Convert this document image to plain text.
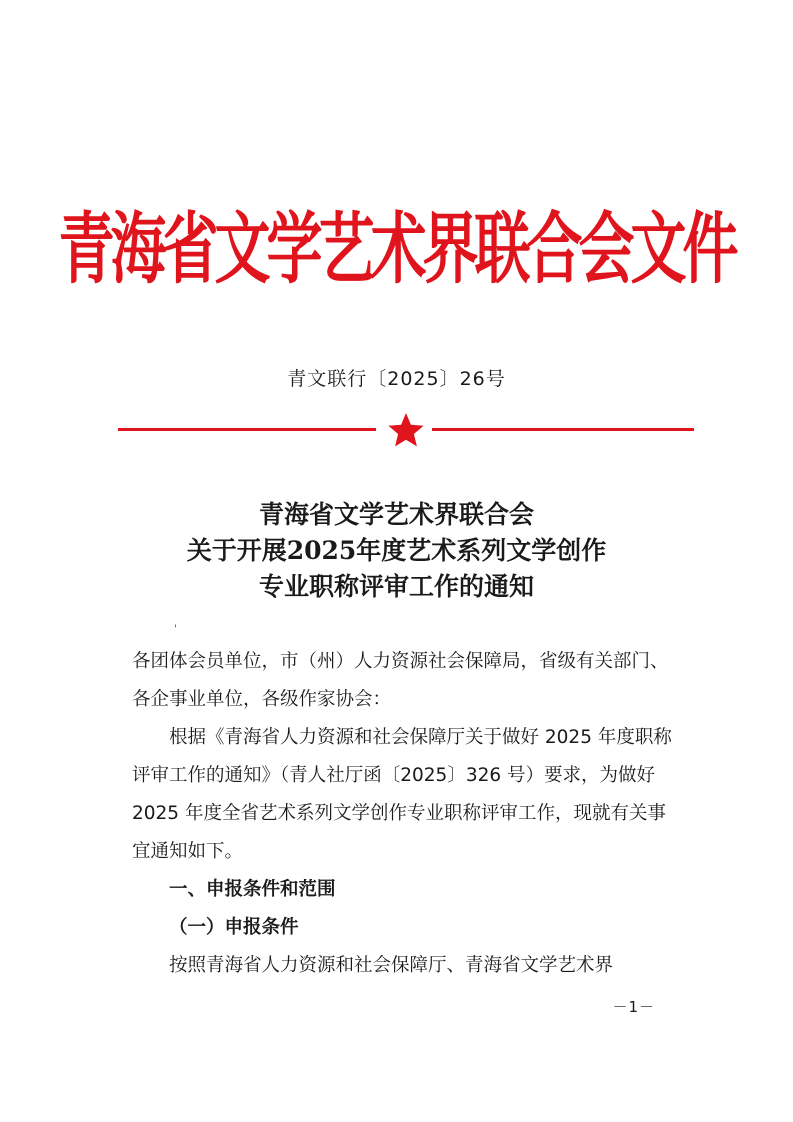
青海省文学艺术界联合会文件
青文联行〔2025〕26号
青海省文学艺术界联合会
关于开展2025年度艺术系列文学创作
专业职称评审工作的通知
'

各团体会员单位，市（州）人力资源社会保障局，省级有关部门、各企事业单位，各级作家协会：

根据《青海省人力资源和社会保障厅关于做好 2025 年度职称评审工作的通知》（青人社厅函〔2025〕326 号）要求，为做好 2025 年度全省艺术系列文学创作专业职称评审工作，现就有关事宜通知如下。

一、申报条件和范围

（一）申报条件

按照青海省人力资源和社会保障厅、青海省文学艺术界

－1－
